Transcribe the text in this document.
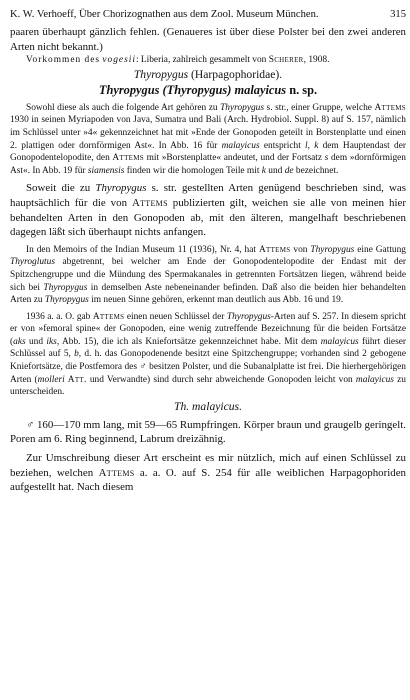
K. W. Verhoeff, Über Chorizognathen aus dem Zool. Museum München.	315

paaren überhaupt gänzlich fehlen. (Genaueres ist über diese Polster bei den zwei anderen Arten nicht bekannt.)

Vorkommen des vogesii: Liberia, zahlreich gesammelt von Scherer, 1908.

Thyropygus (Harpagophoridae).

Thyropygus (Thyropygus) malayicus n. sp.

Sowohl diese als auch die folgende Art gehören zu Thyropygus s. str., einer Gruppe, welche Attems 1930 in seinen Myriapoden von Java, Sumatra und Bali (Arch. Hydrobiol. Suppl. 8) auf S. 157, nämlich im Schlüssel unter »4« gekennzeichnet hat mit »Ende der Gonopoden geteilt in Borstenplatte und einen 2. plattigen oder dornförmigen Ast«. In Abb. 16 für malayicus entspricht l, k dem Hauptendast der Gonopodentelopodite, den Attems mit »Borstenplatte« andeutet, und der Fortsatz s dem »dornförmigen Ast«. In Abb. 19 für siamensis finden wir die homologen Teile mit k und de bezeichnet.

Soweit die zu Thyropygus s. str. gestellten Arten genügend beschrieben sind, was hauptsächlich für die von Attems publizierten gilt, weichen sie alle von meinen hier behandelten Arten in den Gonopoden ab, mit den älteren, mangelhaft beschriebenen dagegen läßt sich überhaupt nichts anfangen.

In den Memoirs of the Indian Museum 11 (1936), Nr. 4, hat Attems von Thyropygus eine Gattung Thyroglutus abgetrennt, bei welcher am Ende der Gonopodentelopodite der Endast mit der Spitzchengruppe und die Mündung des Spermakanales in getrennten Fortsätzen liegen, während beide sich bei Thyropygus in demselben Aste nebeneinander befinden. Daß also die beiden hier behandelten Arten zu Thyropygus im neuen Sinne gehören, erkennt man deutlich aus Abb. 16 und 19.

1936 a. a. O. gab Attems einen neuen Schlüssel der Thyropygus-Arten auf S. 257. In diesem spricht er von »femoral spine« der Gonopoden, eine wenig zutreffende Bezeichnung für die beiden Fortsätze (aks und iks, Abb. 15), die ich als Kniefortsätze gekennzeichnet habe. Mit dem malayicus führt dieser Schlüssel auf 5, b, d. h. das Gonopodenende besitzt eine Spitzchengruppe; vorhanden sind 2 gebogene Kniefortsätze, die Postfemora des ♂ besitzen Polster, und die Subanalplatte ist frei. Die hierhergehörigen Arten (molleri Att. und Verwandte) sind durch sehr abweichende Gonopoden leicht von malayicus zu unterscheiden.

Th. malayicus.

♂ 160—170 mm lang, mit 59—65 Rumpfringen. Körper braun und graugelb geringelt. Poren am 6. Ring beginnend, Labrum dreizähnig.

Zur Umschreibung dieser Art erscheint es mir nützlich, mich auf einen Schlüssel zu beziehen, welchen Attems a. a. O. auf S. 254 für alle weiblichen Harpagophoriden aufgestellt hat. Nach diesem
